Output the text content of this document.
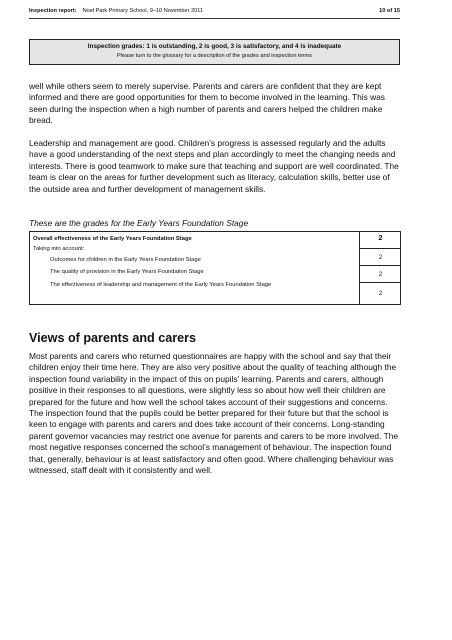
Inspection report: Noel Park Primary School, 9–10 November 2011	10 of 15
Inspection grades: 1 is outstanding, 2 is good, 3 is satisfactory, and 4 is inadequate
Please turn to the glossary for a description of the grades and inspection terms

well while others seem to merely supervise. Parents and carers are confident that they are kept informed and there are good opportunities for them to become involved in the learning. This was seen during the inspection when a high number of parents and carers helped the children make bread.

Leadership and management are good. Children’s progress is assessed regularly and the adults have a good understanding of the next steps and plan accordingly to meet the changing needs and interests. There is good teamwork to make sure that teaching and support are well coordinated. The team is clear on the areas for further development such as literacy, calculation skills, better use of the outside area and further development of management skills.

These are the grades for the Early Years Foundation Stage
Overall effectiveness of the Early Years Foundation Stage
Taking into account:
Outcomes for children in the Early Years Foundation Stage
The quality of provision in the Early Years Foundation Stage
The effectiveness of leadership and management of the Early Years Foundation Stage
2
2
2
2
Views of parents and carers

Most parents and carers who returned questionnaires are happy with the school and say that their children enjoy their time here. They are also very positive about the quality of teaching although the inspection found variability in the impact of this on pupils’ learning. Parents and carers, although positive in their responses to all questions, were slightly less so about how well their children are prepared for the future and how well the school takes account of their suggestions and concerns. The inspection found that the pupils could be better prepared for their future but that the school is keen to engage with parents and carers and does take account of their concerns. Long-standing parent governor vacancies may restrict one avenue for parents and carers to be more involved. The most negative responses concerned the school’s management of behaviour. The inspection found that, generally, behaviour is at least satisfactory and often good. Where challenging behaviour was witnessed, staff dealt with it consistently and well.
